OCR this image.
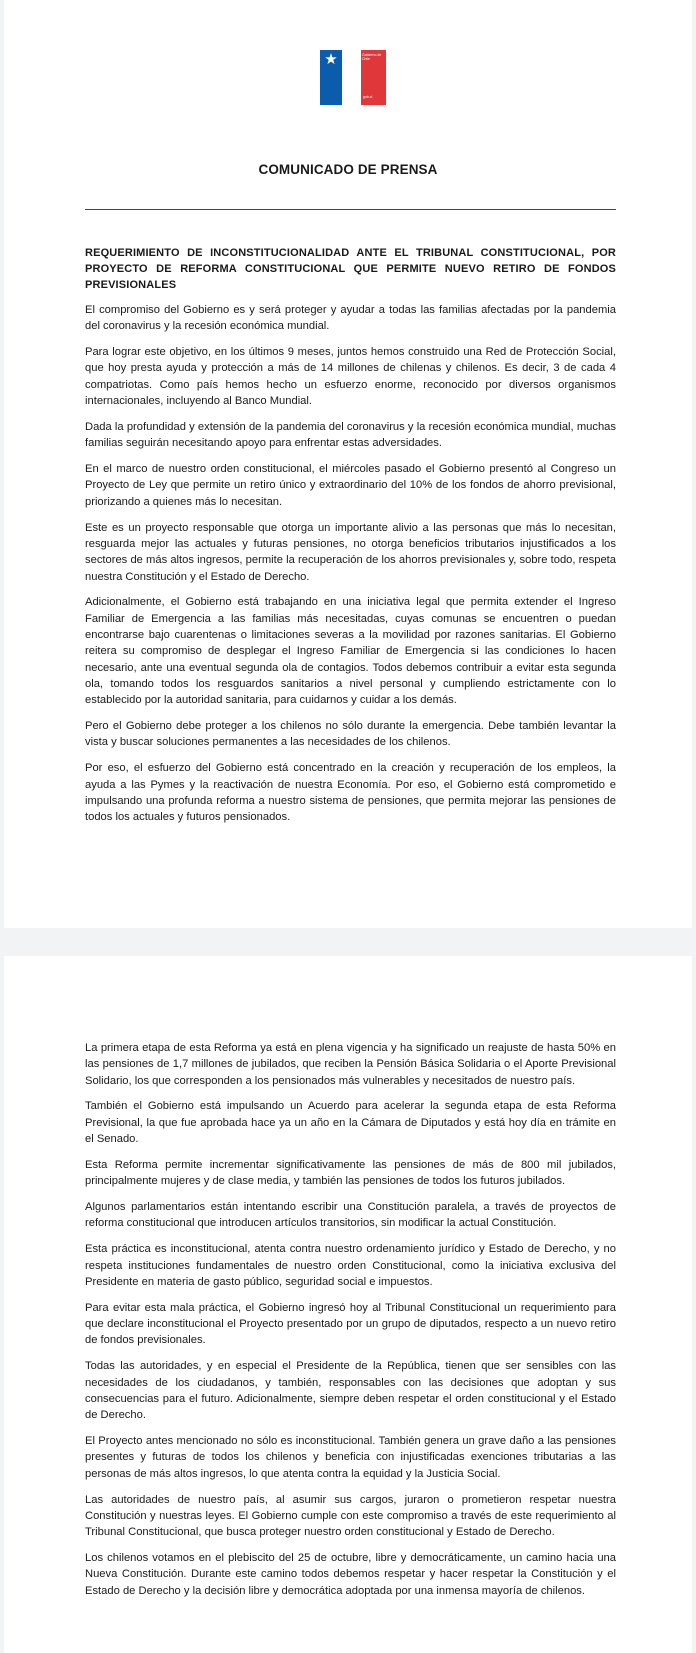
★	Gobierno de Chile
gob.cl
COMUNICADO DE PRENSA

REQUERIMIENTO DE INCONSTITUCIONALIDAD ANTE EL TRIBUNAL CONSTITUCIONAL, POR PROYECTO DE REFORMA CONSTITUCIONAL QUE PERMITE NUEVO RETIRO DE FONDOS PREVISIONALES

El compromiso del Gobierno es y será proteger y ayudar a todas las familias afectadas por la pandemia del coronavirus y la recesión económica mundial.

Para lograr este objetivo, en los últimos 9 meses, juntos hemos construido una Red de Protección Social, que hoy presta ayuda y protección a más de 14 millones de chilenas y chilenos. Es decir, 3 de cada 4 compatriotas. Como país hemos hecho un esfuerzo enorme, reconocido por diversos organismos internacionales, incluyendo al Banco Mundial.

Dada la profundidad y extensión de la pandemia del coronavirus y la recesión económica mundial, muchas familias seguirán necesitando apoyo para enfrentar estas adversidades.

En el marco de nuestro orden constitucional, el miércoles pasado el Gobierno presentó al Congreso un Proyecto de Ley que permite un retiro único y extraordinario del 10% de los fondos de ahorro previsional, priorizando a quienes más lo necesitan.

Este es un proyecto responsable que otorga un importante alivio a las personas que más lo necesitan, resguarda mejor las actuales y futuras pensiones, no otorga beneficios tributarios injustificados a los sectores de más altos ingresos, permite la recuperación de los ahorros previsionales y, sobre todo, respeta nuestra Constitución y el Estado de Derecho.

Adicionalmente, el Gobierno está trabajando en una iniciativa legal que permita extender el Ingreso Familiar de Emergencia a las familias más necesitadas, cuyas comunas se encuentren o puedan encontrarse bajo cuarentenas o limitaciones severas a la movilidad por razones sanitarias. El Gobierno reitera su compromiso de desplegar el Ingreso Familiar de Emergencia si las condiciones lo hacen necesario, ante una eventual segunda ola de contagios. Todos debemos contribuir a evitar esta segunda ola, tomando todos los resguardos sanitarios a nivel personal y cumpliendo estrictamente con lo establecido por la autoridad sanitaria, para cuidarnos y cuidar a los demás.

Pero el Gobierno debe proteger a los chilenos no sólo durante la emergencia. Debe también levantar la vista y buscar soluciones permanentes a las necesidades de los chilenos.

Por eso, el esfuerzo del Gobierno está concentrado en la creación y recuperación de los empleos, la ayuda a las Pymes y la reactivación de nuestra Economía. Por eso, el Gobierno está comprometido e impulsando una profunda reforma a nuestro sistema de pensiones, que permita mejorar las pensiones de todos los actuales y futuros pensionados.

La primera etapa de esta Reforma ya está en plena vigencia y ha significado un reajuste de hasta 50% en las pensiones de 1,7 millones de jubilados, que reciben la Pensión Básica Solidaria o el Aporte Previsional Solidario, los que corresponden a los pensionados más vulnerables y necesitados de nuestro país.

También el Gobierno está impulsando un Acuerdo para acelerar la segunda etapa de esta Reforma Previsional, la que fue aprobada hace ya un año en la Cámara de Diputados y está hoy día en trámite en el Senado.

Esta Reforma permite incrementar significativamente las pensiones de más de 800 mil jubilados, principalmente mujeres y de clase media, y también las pensiones de todos los futuros jubilados.

Algunos parlamentarios están intentando escribir una Constitución paralela, a través de proyectos de reforma constitucional que introducen artículos transitorios, sin modificar la actual Constitución.

Esta práctica es inconstitucional, atenta contra nuestro ordenamiento jurídico y Estado de Derecho, y no respeta instituciones fundamentales de nuestro orden Constitucional, como la iniciativa exclusiva del Presidente en materia de gasto público, seguridad social e impuestos.

Para evitar esta mala práctica, el Gobierno ingresó hoy al Tribunal Constitucional un requerimiento para que declare inconstitucional el Proyecto presentado por un grupo de diputados, respecto a un nuevo retiro de fondos previsionales.

Todas las autoridades, y en especial el Presidente de la República, tienen que ser sensibles con las necesidades de los ciudadanos, y también, responsables con las decisiones que adoptan y sus consecuencias para el futuro. Adicionalmente, siempre deben respetar el orden constitucional y el Estado de Derecho.

El Proyecto antes mencionado no sólo es inconstitucional. También genera un grave daño a las pensiones presentes y futuras de todos los chilenos y beneficia con injustificadas exenciones tributarias a las personas de más altos ingresos, lo que atenta contra la equidad y la Justicia Social.

Las autoridades de nuestro país, al asumir sus cargos, juraron o prometieron respetar nuestra Constitución y nuestras leyes. El Gobierno cumple con este compromiso a través de este requerimiento al Tribunal Constitucional, que busca proteger nuestro orden constitucional y Estado de Derecho.

Los chilenos votamos en el plebiscito del 25 de octubre, libre y democráticamente, un camino hacia una Nueva Constitución. Durante este camino todos debemos respetar y hacer respetar la Constitución y el Estado de Derecho y la decisión libre y democrática adoptada por una inmensa mayoría de chilenos.
